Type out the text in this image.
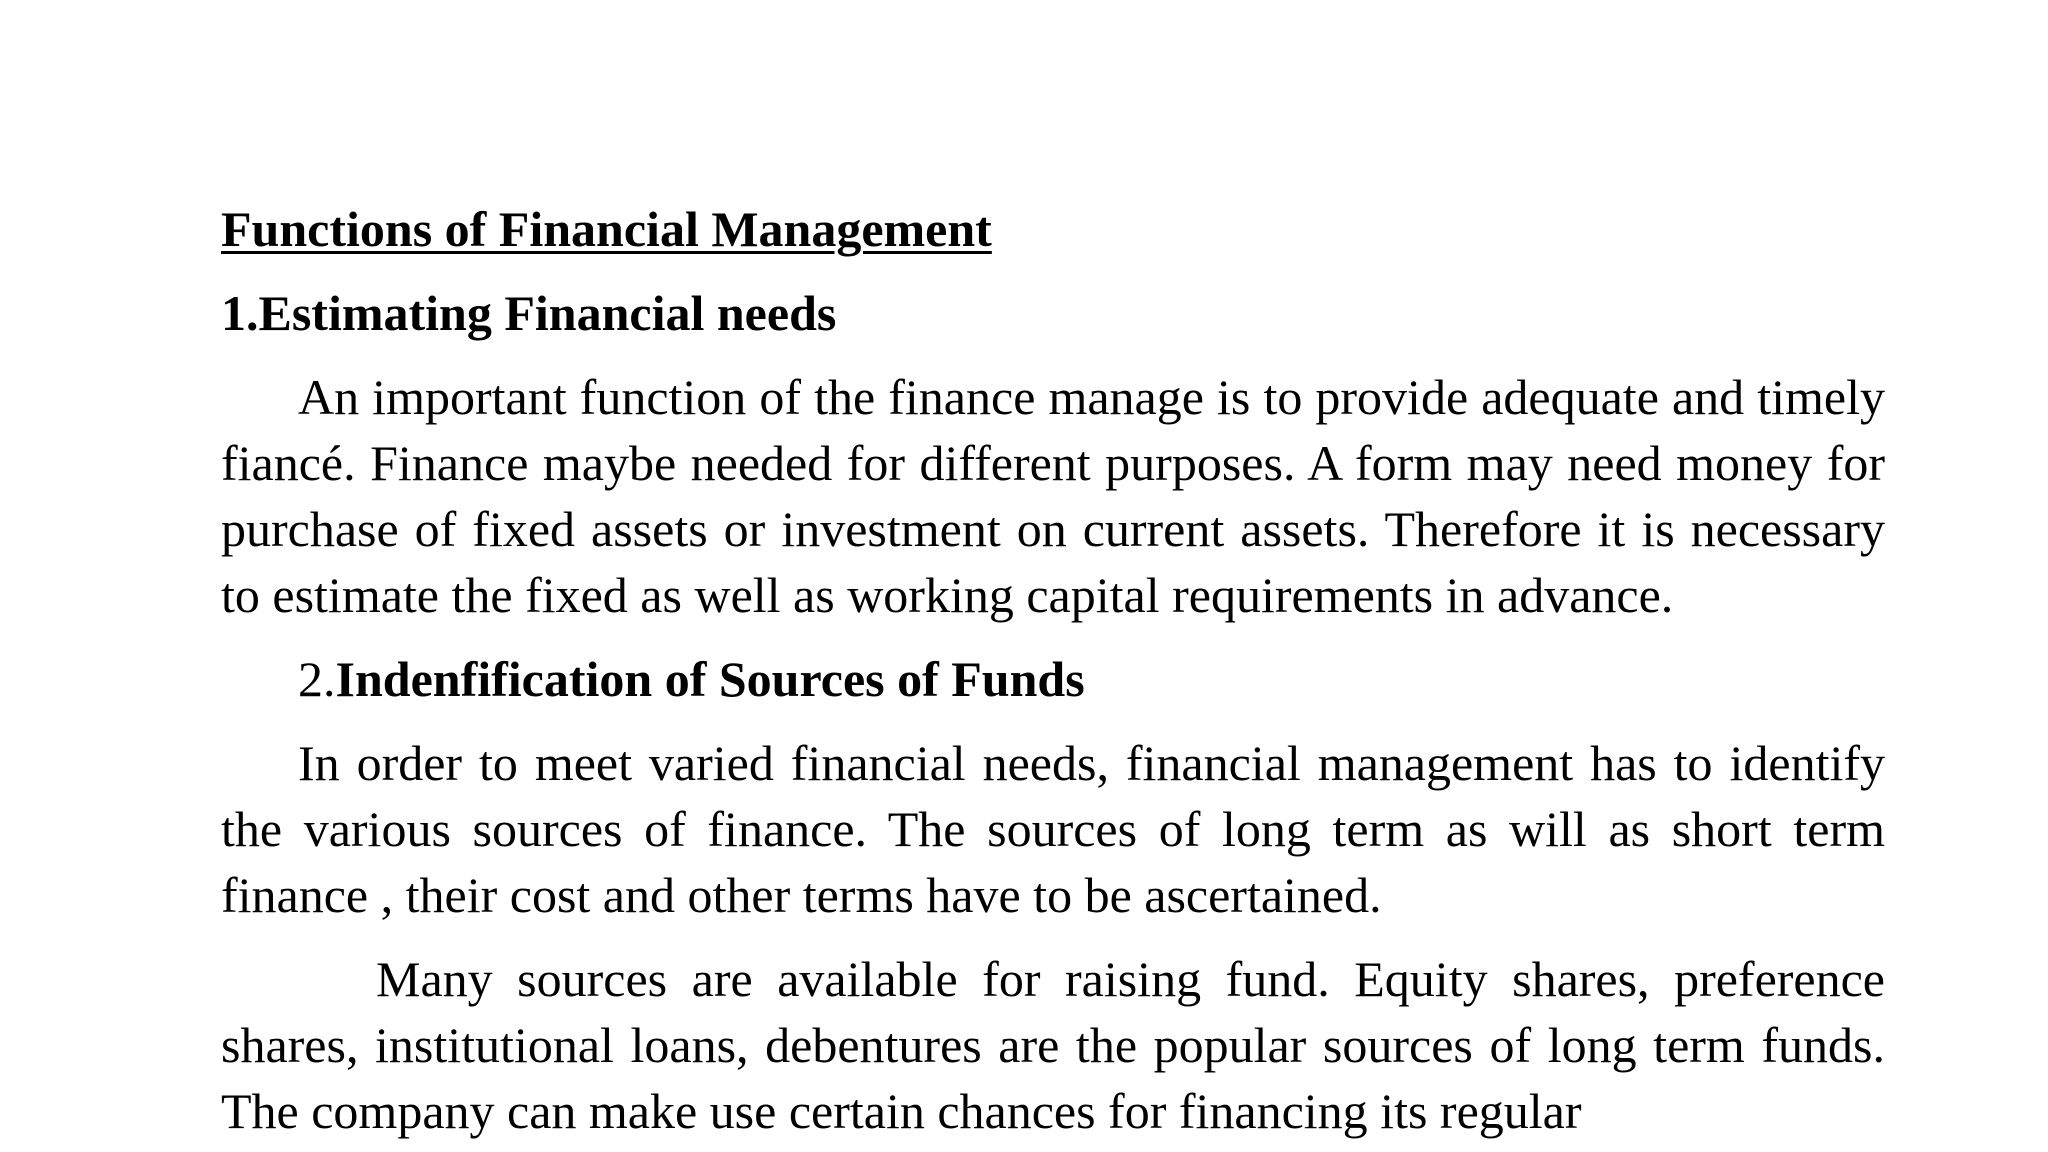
Functions of Financial Management
1.Estimating Financial needs

An important function of the finance manage is to provide adequate and timely fiancé. Finance maybe needed for different purposes. A form may need money for purchase of fixed assets or investment on current assets. Therefore it is necessary to estimate the fixed as well as working capital requirements in advance.

2.Indenfification of Sources of Funds

In order to meet varied financial needs, financial management has to identify the various sources of finance. The sources of long term as will as short term finance , their cost and other terms have to be ascertained.

Many sources are available for raising fund. Equity shares, preference shares, institutional loans, debentures are the popular sources of long term funds. The company can make use certain chances for financing its regular
